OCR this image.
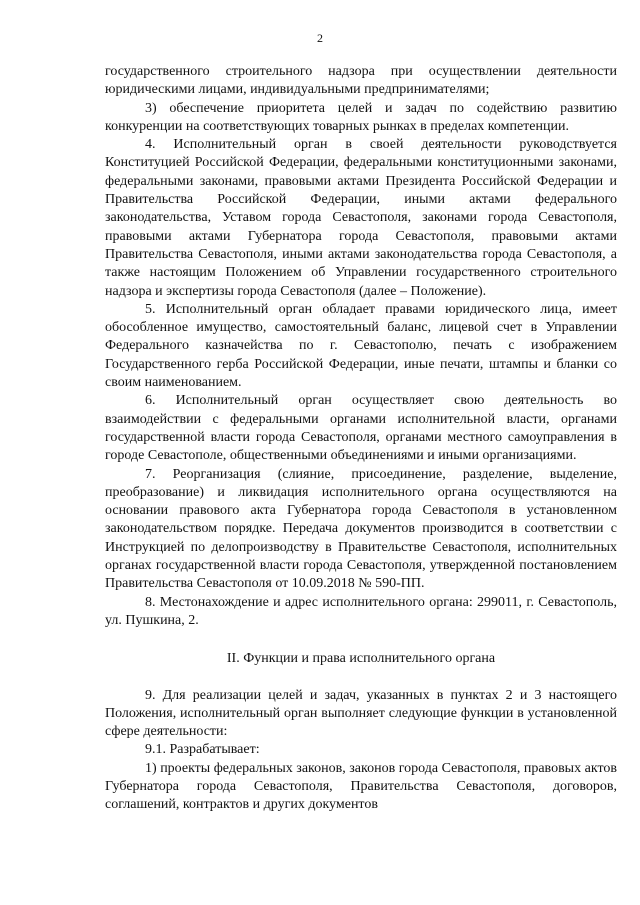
2

государственного строительного надзора при осуществлении деятельности юридическими лицами, индивидуальными предпринимателями;

3) обеспечение приоритета целей и задач по содействию развитию конкуренции на соответствующих товарных рынках в пределах компетенции.

4. Исполнительный орган в своей деятельности руководствуется Конституцией Российской Федерации, федеральными конституционными законами, федеральными законами, правовыми актами Президента Российской Федерации и Правительства Российской Федерации, иными актами федерального законодательства, Уставом города Севастополя, законами города Севастополя, правовыми актами Губернатора города Севастополя, правовыми актами Правительства Севастополя, иными актами законодательства города Севастополя, а также настоящим Положением об Управлении государственного строительного надзора и экспертизы города Севастополя (далее – Положение).

5. Исполнительный орган обладает правами юридического лица, имеет обособленное имущество, самостоятельный баланс, лицевой счет в Управлении Федерального казначейства по г. Севастополю, печать с изображением Государственного герба Российской Федерации, иные печати, штампы и бланки со своим наименованием.

6. Исполнительный орган осуществляет свою деятельность во взаимодействии с федеральными органами исполнительной власти, органами государственной власти города Севастополя, органами местного самоуправления в городе Севастополе, общественными объединениями и иными организациями.

7. Реорганизация (слияние, присоединение, разделение, выделение, преобразование) и ликвидация исполнительного органа осуществляются на основании правового акта Губернатора города Севастополя в установленном законодательством порядке. Передача документов производится в соответствии с Инструкцией по делопроизводству в Правительстве Севастополя, исполнительных органах государственной власти города Севастополя, утвержденной постановлением Правительства Севастополя от 10.09.2018 № 590-ПП.

8. Местонахождение и адрес исполнительного органа: 299011, г. Севастополь, ул. Пушкина, 2.

II. Функции и права исполнительного органа

9. Для реализации целей и задач, указанных в пунктах 2 и 3 настоящего Положения, исполнительный орган выполняет следующие функции в установленной сфере деятельности:

9.1. Разрабатывает:

1) проекты федеральных законов, законов города Севастополя, правовых актов Губернатора города Севастополя, Правительства Севастополя, договоров, соглашений, контрактов и других документов
